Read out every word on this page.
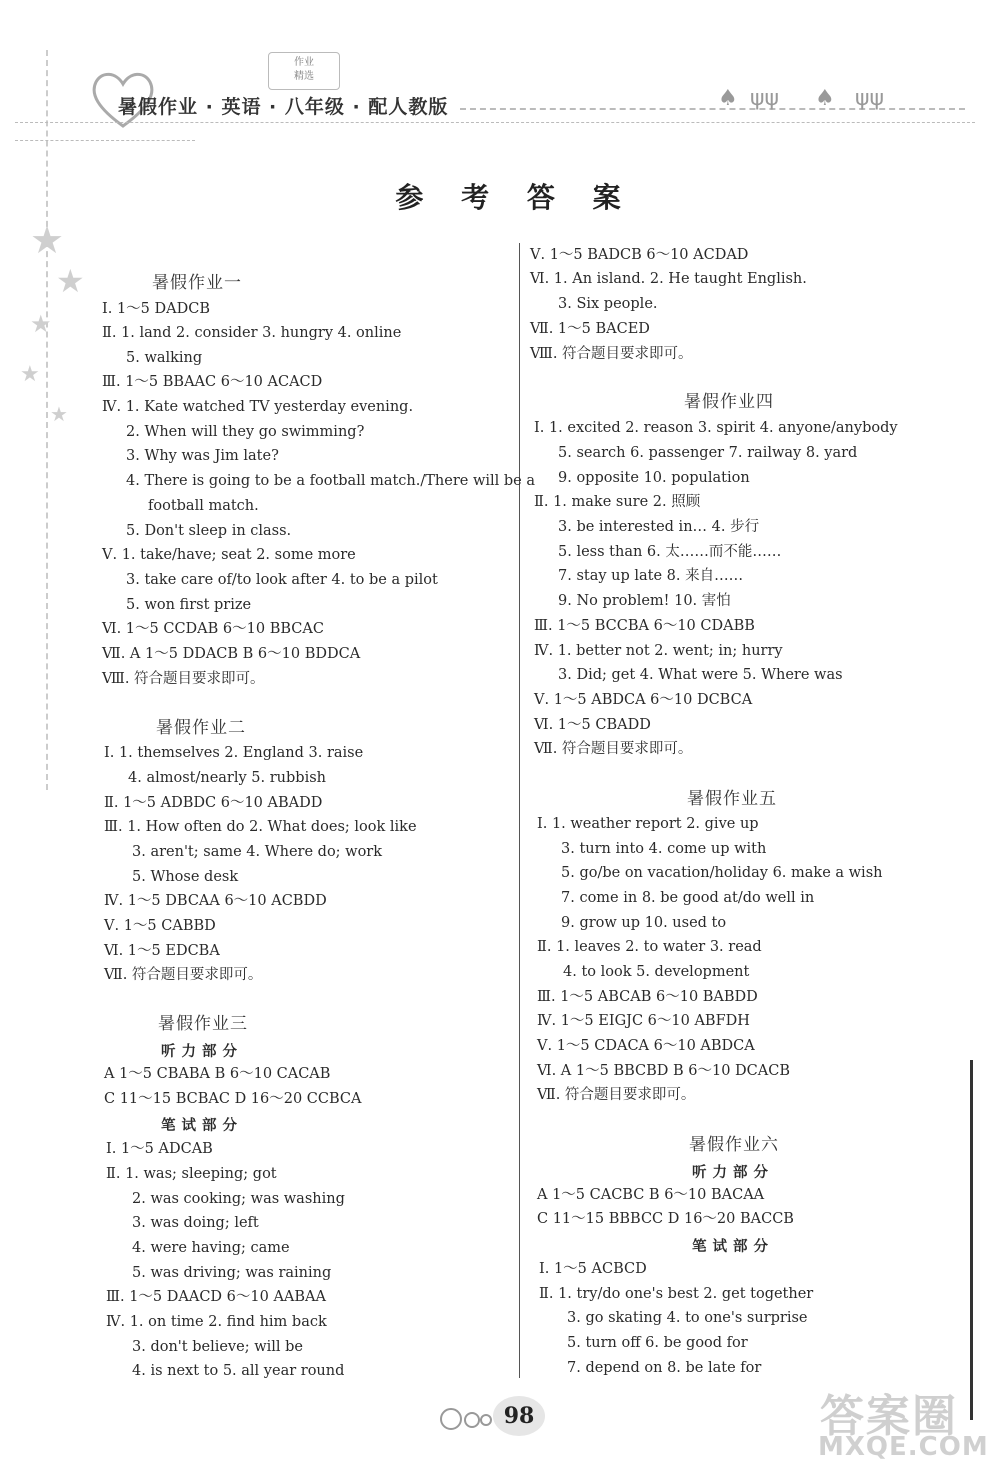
作业
精选
暑假作业 · 英语 · 八年级 · 配人教版	♠ ψψ ♠ ψψ
★
★
★
★
★
参 考 答 案
暑假作业一
Ⅰ. 1～5 DADCB
Ⅱ. 1. land 2. consider 3. hungry 4. online
5. walking
Ⅲ. 1～5 BBAAC 6～10 ACACD
Ⅳ. 1. Kate watched TV yesterday evening.
2. When will they go swimming?
3. Why was Jim late?
4. There is going to be a football match./There will be a
football match.
5. Don't sleep in class.
Ⅴ. 1. take/have; seat 2. some more
3. take care of/to look after 4. to be a pilot
5. won first prize
Ⅵ. 1～5 CCDAB 6～10 BBCAC
Ⅶ. A 1～5 DDACB B 6～10 BDDCA
Ⅷ. 符合题目要求即可。
暑假作业二
Ⅰ. 1. themselves 2. England 3. raise
4. almost/nearly 5. rubbish
Ⅱ. 1～5 ADBDC 6～10 ABADD
Ⅲ. 1. How often do 2. What does; look like
3. aren't; same 4. Where do; work
5. Whose desk
Ⅳ. 1～5 DBCAA 6～10 ACBDD
Ⅴ. 1～5 CABBD
Ⅵ. 1～5 EDCBA
Ⅶ. 符合题目要求即可。
暑假作业三
听力部分
A 1～5 CBABA B 6～10 CACAB
C 11～15 BCBAC D 16～20 CCBCA
笔试部分
Ⅰ. 1～5 ADCAB
Ⅱ. 1. was; sleeping; got
2. was cooking; was washing
3. was doing; left
4. were having; came
5. was driving; was raining
Ⅲ. 1～5 DAACD 6～10 AABAA
Ⅳ. 1. on time 2. find him back
3. don't believe; will be
4. is next to 5. all year round
Ⅴ. 1～5 BADCB 6～10 ACDAD
Ⅵ. 1. An island. 2. He taught English.
3. Six people.
Ⅶ. 1～5 BACED
Ⅷ. 符合题目要求即可。
暑假作业四
Ⅰ. 1. excited 2. reason 3. spirit 4. anyone/anybody
5. search 6. passenger 7. railway 8. yard
9. opposite 10. population
Ⅱ. 1. make sure 2. 照顾
3. be interested in… 4. 步行
5. less than 6. 太……而不能……
7. stay up late 8. 来自……
9. No problem! 10. 害怕
Ⅲ. 1～5 BCCBA 6～10 CDABB
Ⅳ. 1. better not 2. went; in; hurry
3. Did; get 4. What were 5. Where was
Ⅴ. 1～5 ABDCA 6～10 DCBCA
Ⅵ. 1～5 CBADD
Ⅶ. 符合题目要求即可。
暑假作业五
Ⅰ. 1. weather report 2. give up
3. turn into 4. come up with
5. go/be on vacation/holiday 6. make a wish
7. come in 8. be good at/do well in
9. grow up 10. used to
Ⅱ. 1. leaves 2. to water 3. read
4. to look 5. development
Ⅲ. 1～5 ABCAB 6～10 BABDD
Ⅳ. 1～5 EIGJC 6～10 ABFDH
Ⅴ. 1～5 CDACA 6～10 ABDCA
Ⅵ. A 1～5 BBCBD B 6～10 DCACB
Ⅶ. 符合题目要求即可。
暑假作业六
听力部分
A 1～5 CACBC B 6～10 BACAA
C 11～15 BBBCC D 16～20 BACCB
笔试部分
Ⅰ. 1～5 ACBCD
Ⅱ. 1. try/do one's best 2. get together
3. go skating 4. to one's surprise
5. turn off 6. be good for
7. depend on 8. be late for
98	答案圈
MXQE.COM
